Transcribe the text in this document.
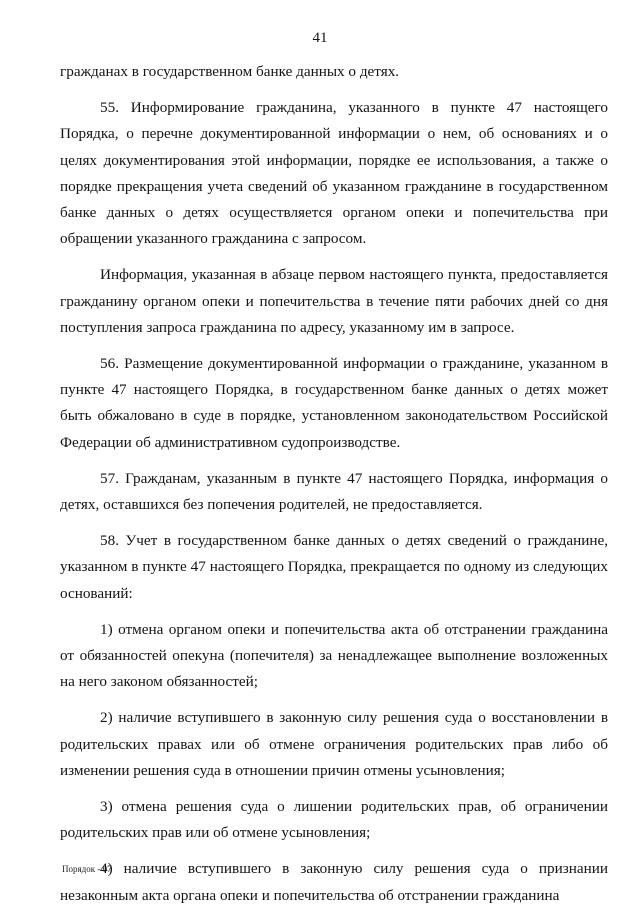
41

гражданах в государственном банке данных о детях.

55. Информирование гражданина, указанного в пункте 47 настоящего Порядка, о перечне документированной информации о нем, об основаниях и о целях документирования этой информации, порядке ее использования, а также о порядке прекращения учета сведений об указанном гражданине в государственном банке данных о детях осуществляется органом опеки и попечительства при обращении указанного гражданина с запросом.

Информация, указанная в абзаце первом настоящего пункта, предоставляется гражданину органом опеки и попечительства в течение пяти рабочих дней со дня поступления запроса гражданина по адресу, указанному им в запросе.

56. Размещение документированной информации о гражданине, указанном в пункте 47 настоящего Порядка, в государственном банке данных о детях может быть обжаловано в суде в порядке, установленном законодательством Российской Федерации об административном судопроизводстве.

57. Гражданам, указанным в пункте 47 настоящего Порядка, информация о детях, оставшихся без попечения родителей, не предоставляется.

58. Учет в государственном банке данных о детях сведений о гражданине, указанном в пункте 47 настоящего Порядка, прекращается по одному из следующих оснований:

1) отмена органом опеки и попечительства акта об отстранении гражданина от обязанностей опекуна (попечителя) за ненадлежащее выполнение возложенных на него законом обязанностей;

2) наличие вступившего в законную силу решения суда о восстановлении в родительских правах или об отмене ограничения родительских прав либо об изменении решения суда в отношении причин отмены усыновления;

3) отмена решения суда о лишении родительских прав, об ограничении родительских прав или об отмене усыновления;

4) наличие вступившего в законную силу решения суда о признании незаконным акта органа опеки и попечительства об отстранении гражданина

Порядок - 07
